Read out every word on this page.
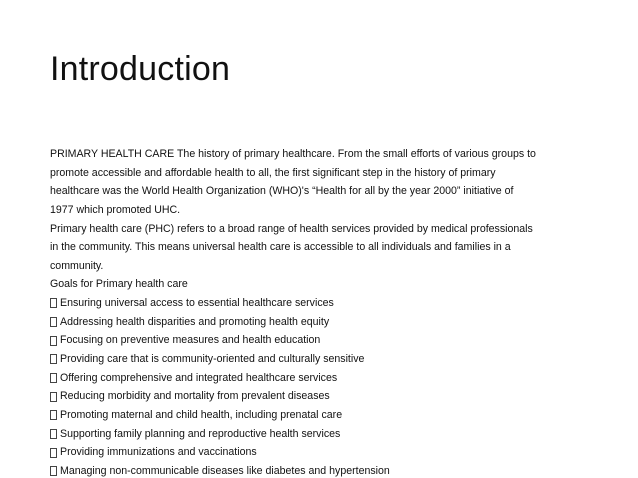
Introduction
PRIMARY HEALTH CARE The history of primary healthcare. From the small efforts of various groups to
promote accessible and affordable health to all, the first significant step in the history of primary
healthcare was the World Health Organization (WHO)'s “Health for all by the year 2000” initiative of
1977 which promoted UHC.
Primary health care (PHC) refers to a broad range of health services provided by medical professionals
in the community. This means universal health care is accessible to all individuals and families in a
community.
Goals for Primary health care
Ensuring universal access to essential healthcare services
Addressing health disparities and promoting health equity
Focusing on preventive measures and health education
Providing care that is community-oriented and culturally sensitive
Offering comprehensive and integrated healthcare services
Reducing morbidity and mortality from prevalent diseases
Promoting maternal and child health, including prenatal care
Supporting family planning and reproductive health services
Providing immunizations and vaccinations
Managing non-communicable diseases like diabetes and hypertension
